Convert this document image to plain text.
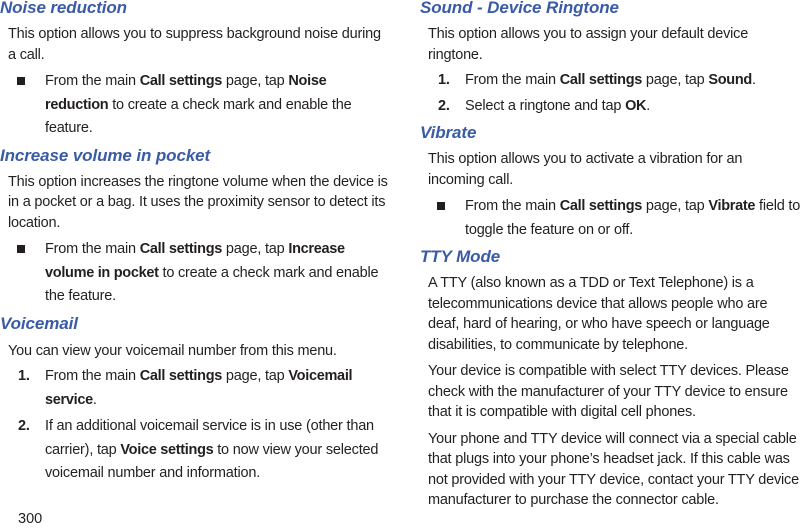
Noise reduction

This option allows you to suppress background noise during a call.

From the main Call settings page, tap Noise reduction to create a check mark and enable the feature.

Increase volume in pocket

This option increases the ringtone volume when the device is in a pocket or a bag. It uses the proximity sensor to detect its location.

From the main Call settings page, tap Increase volume in pocket to create a check mark and enable the feature.

Voicemail

You can view your voicemail number from this menu.

1. From the main Call settings page, tap Voicemail service.

2. If an additional voicemail service is in use (other than carrier), tap Voice settings to now view your selected voicemail number and information.

Sound - Device Ringtone

This option allows you to assign your default device ringtone.

1. From the main Call settings page, tap Sound.

2. Select a ringtone and tap OK.

Vibrate

This option allows you to activate a vibration for an incoming call.

From the main Call settings page, tap Vibrate field to toggle the feature on or off.

TTY Mode

A TTY (also known as a TDD or Text Telephone) is a telecommunications device that allows people who are deaf, hard of hearing, or who have speech or language disabilities, to communicate by telephone.

Your device is compatible with select TTY devices. Please check with the manufacturer of your TTY device to ensure that it is compatible with digital cell phones.

Your phone and TTY device will connect via a special cable that plugs into your phone’s headset jack. If this cable was not provided with your TTY device, contact your TTY device manufacturer to purchase the connector cable.

300
